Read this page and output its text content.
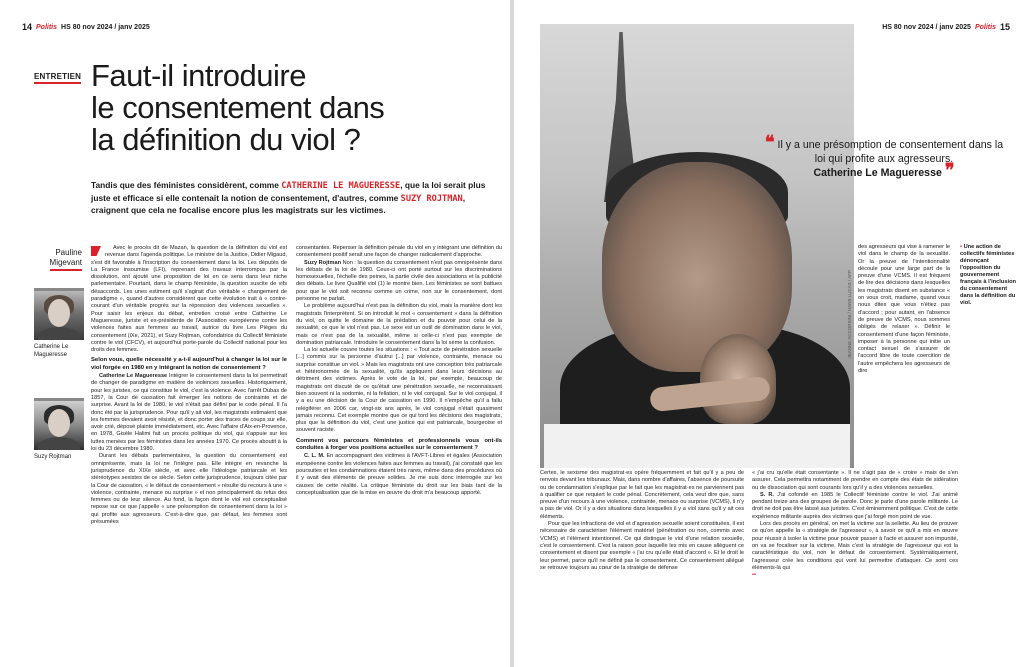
14 Politis HS 80 nov 2024 / janv 2025
ENTRETIEN Faut-il introduire
le consentement dans
la définition du viol ?
Tandis que des féministes considèrent, comme CATHERINE LE MAGUERESSE, que la loi serait plus juste et efficace si elle contenait la notion de consentement, d'autres, comme SUZY ROJTMAN, craignent que cela ne focalise encore plus les magistrats sur les victimes.
Pauline
Migevant
Catherine Le Magueresse
Suzy Rojtman

Avec le procès dit de Mazan, la question de la définition du viol est revenue dans l'agenda politique. Le ministre de la Justice, Didier Migaud, s'est dit favorable à l'inscription du consentement dans la loi. Les députés de La France insoumise (LFI), reprenant des travaux interrompus par la dissolution, ont ajouté une proposition de loi en ce sens dans leur niche parlementaire. Pourtant, dans le champ féministe, la question suscite de vifs désaccords. Les unes estiment qu'il s'agirait d'un véritable « changement de paradigme », quand d'autres considèrent que cette évolution irait à « contre-courant d'un véritable progrès sur la répression des violences sexuelles ». Pour saisir les enjeux du débat, entretien croisé entre Catherine Le Magueresse, juriste et ex-présidente de l'Association européenne contre les violences faites aux femmes au travail, autrice du livre Les Pièges du consentement (iXe, 2021), et Suzy Rojtman, cofondatrice du Collectif féministe contre le viol (CFCV), et aujourd'hui porte-parole du Collectif national pour les droits des femmes.

Selon vous, quelle nécessité y a-t-il aujourd'hui à changer la loi sur le viol forgée en 1980 en y intégrant la notion de consentement ?

Catherine Le Magueresse Intégrer le consentement dans la loi permettrait de changer de paradigme en matière de violences sexuelles. Historiquement, pour les juristes, ce qui constitue le viol, c'est la violence. Avec l'arrêt Dubas de 1857, la Cour de cassation fait émerger les notions de contrainte et de surprise. Avant la loi de 1980, le viol n'était pas défini par le code pénal. Il l'a donc été par la jurisprudence. Pour qu'il y ait viol, les magistrats estimaient que les femmes devaient avoir résisté, et donc porter des traces de coups sur elle, avoir crié, déposé plainte immédiatement, etc. Avec l'affaire d'Aix-en-Provence, en 1978, Gisèle Halimi fait un procès politique du viol, qui s'appuie sur les luttes menées par les féministes dans les années 1970. Ce procès aboutit à la loi du 23 décembre 1980.

Durant les débats parlementaires, la question du consentement est omniprésente, mais la loi ne l'intègre pas. Elle intègre en revanche la jurisprudence du XIXe siècle, et avec elle l'idéologie patriarcale et les stéréotypes sexistes de ce siècle. Selon cette jurisprudence, toujours citée par la Cour de cassation, « le défaut de consentement » résulte du recours à une « violence, contrainte, menace ou surprise » et non principalement du refus des femmes ou de leur silence. Au fond, la façon dont le viol est conceptualisé repose sur ce que j'appelle « une présomption de consentement dans la loi » qui profite aux agresseurs. C'est-à-dire que, par défaut, les femmes sont présumées

consentantes. Repenser la définition pénale du viol en y intégrant une définition du consentement positif serait une façon de changer radicalement d'approche.

Suzy Rojtman Non : la question du consentement n'est pas omniprésente dans les débats de la loi de 1980. Ceux-ci ont porté surtout sur les discriminations homosexuelles, l'échelle des peines, la partie civile des associations et la publicité des débats. Le livre Qualifié viol (1) le montre bien. Les féministes se sont battues pour que le viol soit reconnu comme un crime, non sur le consentement, dont personne ne parlait.

Le problème aujourd'hui n'est pas la définition du viol, mais la manière dont les magistrats l'interprètent. Si on introduit le mot « consentement » dans la définition du viol, on quitte le domaine de la prédation et du pouvoir pour celui de la sexualité, ce que le viol n'est pas. Le sexe est un outil de domination dans le viol, mais ce n'est pas de la sexualité, même si celle-ci n'est pas exempte de domination patriarcale. Introduire le consentement dans la loi sème la confusion.

La loi actuelle couvre toutes les situations : « Tout acte de pénétration sexuelle [...] commis sur la personne d'autrui [...] par violence, contrainte, menace ou surprise constitue un viol. » Mais les magistrats ont une conception très patriarcale et hétéronormée de la sexualité, qu'ils appliquent dans leurs décisions au détriment des victimes. Après le vote de la loi, par exemple, beaucoup de magistrats ont discuté de ce qu'était une pénétration sexuelle, ne reconnaissant bien souvent ni la sodomie, ni la fellation, ni le viol conjugal. Sur le viol conjugal, il y a eu une décision de la Cour de cassation en 1990. Il n'empêche qu'il a fallu relégiférer en 2006 car, vingt-six ans après, le viol conjugal n'était quasiment jamais reconnu. Cet exemple montre que ce qui tord les décisions des magistrats, plus que la définition du viol, c'est une justice qui est patriarcale, bourgeoise et souvent raciste.

Comment vos parcours féministes et professionnels vous ont-ils conduites à forger vos positions actuelles sur le consentement ?

C. L. M. En accompagnant des victimes à l'AVFT-Libres et égales (Association européenne contre les violences faites aux femmes au travail), j'ai constaté que les poursuites et les condamnations étaient très rares, même dans des procédures où il y avait des éléments de preuve solides. Je me suis donc interrogée sur les causes de cette réalité. La critique féministe du droit sur les biais tant de la conceptualisation que de la mise en œuvre du droit m'a beaucoup apporté.

HS 80 nov 2024 / janv 2025 Politis 15
JEANNE ACCORSINI / HANS LUCAS / AFP
❝ Il y a une présomption de consentement dans la loi qui profite aux agresseurs.
Catherine Le Magueresse ❞

des agresseurs qui vise à ramener le viol dans le champ de la sexualité. Or la preuve de l'intentionnalité découle pour une large part de la preuve d'une VCMS. Il est fréquent de lire des décisions dans lesquelles les magistrats disent en substance « on vous croit, madame, quand vous nous dites que vous n'étiez pas d'accord ; pour autant, en l'absence de preuve de VCMS, nous sommes obligés de relaxer ». Définir le consentement d'une façon féministe, imposer à la personne qui initie un contact sexuel de s'assurer de l'accord libre de toute coercition de l'autre empêchera les agresseurs de dire

• Une action de collectifs féministes dénonçant l'opposition du gouvernement français à l'inclusion du consentement dans la définition du viol.

Certes, le sexisme des magistrat·es opère fréquemment et fait qu'il y a peu de renvois devant les tribunaux. Mais, dans nombre d'affaires, l'absence de poursuite ou de condamnation s'explique par le fait que les magistrat·es ne parviennent pas à qualifier ce que requiert le code pénal. Concrètement, cela veut dire que, sans preuve d'un recours à une violence, contrainte, menace ou surprise (VCMS), il n'y a pas de viol. Or il y a des situations dans lesquelles il y a viol sans qu'il y ait ces éléments.

Pour que les infractions de viol et d'agression sexuelle soient constituées, il est nécessaire de caractériser l'élément matériel (pénétration ou non, commis avec VCMS) et l'élément intentionnel. Ce qui distingue le viol d'une relation sexuelle, c'est le consentement. C'est la raison pour laquelle les mis en cause allèguent ce consentement et disent par exemple « j'ai cru qu'elle était d'accord ». Et le droit le leur permet, parce qu'il ne définit pas le consentement. Ce consentement allégué se retrouve toujours au cœur de la stratégie de défense

« j'ai cru qu'elle était consentante ». Il ne s'agit pas de « croire » mais de s'en assurer. Cela permettra notamment de prendre en compte des états de sidération ou de dissociation qui sont courants lors qu'il y a des violences sexuelles.

S. R. J'ai cofondé en 1985 le Collectif féministe contre le viol. J'ai animé pendant treize ans des groupes de parole. Donc je parle d'une parole militante. Le droit ne doit pas être laissé aux juristes. C'est éminemment politique. C'est de cette expérience militante auprès des victimes que j'ai forgé mon point de vue.

Lors des procès en général, on met la victime sur la sellette. Au lieu de prouver ce qu'on appelle la « stratégie de l'agresseur », à savoir ce qu'il a mis en œuvre pour réussir à isoler la victime pour pouvoir passer à l'acte et assurer son impunité, on va se focaliser sur la victime. Mais c'est la stratégie de l'agresseur qui est la caractéristique du viol, non le défaut de consentement. Systématiquement, l'agresseur crée les conditions qui vont lui permettre d'attaquer. Ce sont ces éléments-là qui

••
